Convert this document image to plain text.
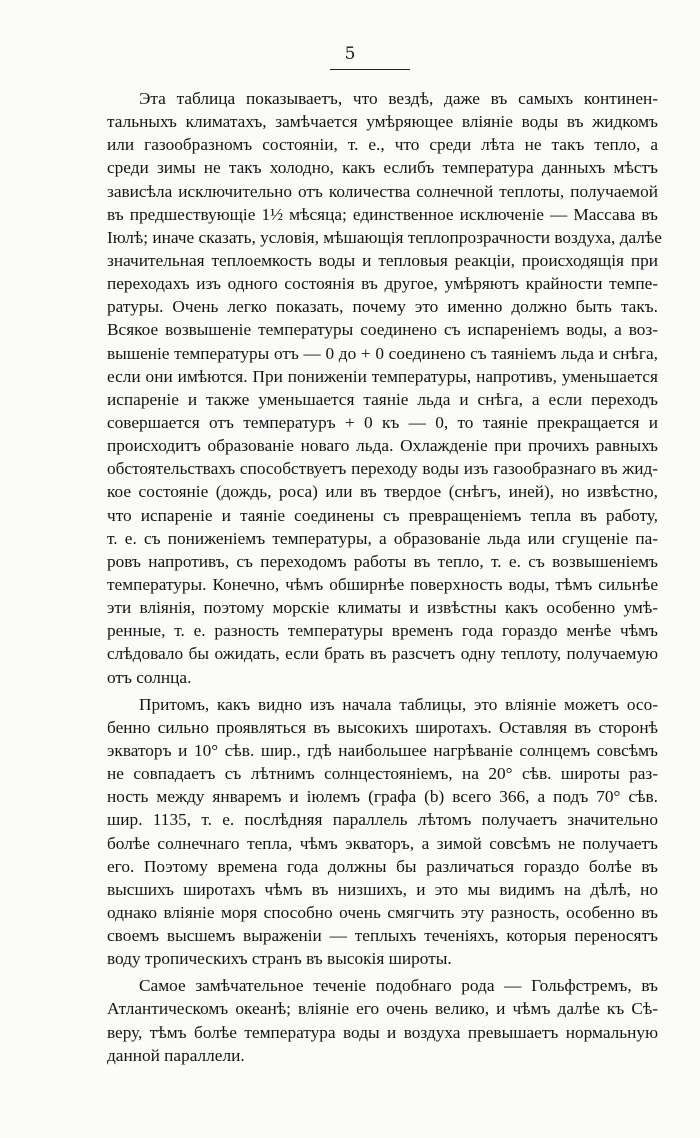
5
Эта таблица показываетъ, что вездѣ, даже въ самыхъ континен-
тальныхъ климатахъ, замѣчается умѣряющее вліяніе воды въ жидкомъ
или газообразномъ состояніи, т. е., что среди лѣта не такъ тепло, а
среди зимы не такъ холодно, какъ еслибъ температура данныхъ мѣстъ
зависѣла исключительно отъ количества солнечной теплоты, получаемой
въ предшествующіе 1½ мѣсяца; единственное исключеніе — Массава въ
Іюлѣ; иначе сказать, условія, мѣшающія теплопрозрачности воздуха, далѣе
значительная теплоемкость воды и тепловыя реакціи, происходящія при
переходахъ изъ одного состоянія въ другое, умѣряютъ крайности темпе-
ратуры. Очень легко показать, почему это именно должно быть такъ.
Всякое возвышеніе температуры соединено съ испареніемъ воды, а воз-
вышеніе температуры отъ — 0 до + 0 соединено съ таяніемъ льда и снѣга,
если они имѣются. При пониженіи температуры, напротивъ, уменьшается
испареніе и также уменьшается таяніе льда и снѣга, а если переходъ
совершается отъ температуръ + 0 къ — 0, то таяніе прекращается и
происходитъ образованіе новаго льда. Охлажденіе при прочихъ равныхъ
обстоятельствахъ способствуетъ переходу воды изъ газообразнаго въ жид-
кое состояніе (дождь, роса) или въ твердое (снѣгъ, иней), но извѣстно,
что испареніе и таяніе соединены съ превращеніемъ тепла въ работу,
т. е. съ пониженіемъ температуры, а образованіе льда или сгущеніе па-
ровъ напротивъ, съ переходомъ работы въ тепло, т. е. съ возвышеніемъ
температуры. Конечно, чѣмъ обширнѣе поверхность воды, тѣмъ сильнѣе
эти вліянія, поэтому морскіе климаты и извѣстны какъ особенно умѣ-
ренные, т. е. разность температуры временъ года гораздо менѣе чѣмъ
слѣдовало бы ожидать, если брать въ разсчетъ одну теплоту, получаемую
отъ солнца.
Притомъ, какъ видно изъ начала таблицы, это вліяніе можетъ осо-
бенно сильно проявляться въ высокихъ широтахъ. Оставляя въ сторонѣ
экваторъ и 10° сѣв. шир., гдѣ наибольшее нагрѣваніе солнцемъ совсѣмъ
не совпадаетъ съ лѣтнимъ солнцестояніемъ, на 20° сѣв. широты раз-
ность между январемъ и іюлемъ (графа (b) всего 366, а подъ 70° сѣв.
шир. 1135, т. е. послѣдняя параллель лѣтомъ получаетъ значительно
болѣе солнечнаго тепла, чѣмъ экваторъ, а зимой совсѣмъ не получаетъ
его. Поэтому времена года должны бы различаться гораздо болѣе въ
высшихъ широтахъ чѣмъ въ низшихъ, и это мы видимъ на дѣлѣ, но
однако вліяніе моря способно очень смягчить эту разность, особенно въ
своемъ высшемъ выраженіи — теплыхъ теченіяхъ, которыя переносятъ
воду тропическихъ странъ въ высокія широты.
Самое замѣчательное теченіе подобнаго рода — Гольфстремъ, въ
Атлантическомъ океанѣ; вліяніе его очень велико, и чѣмъ далѣе къ Сѣ-
веру, тѣмъ болѣе температура воды и воздуха превышаетъ нормальную
данной параллели.
